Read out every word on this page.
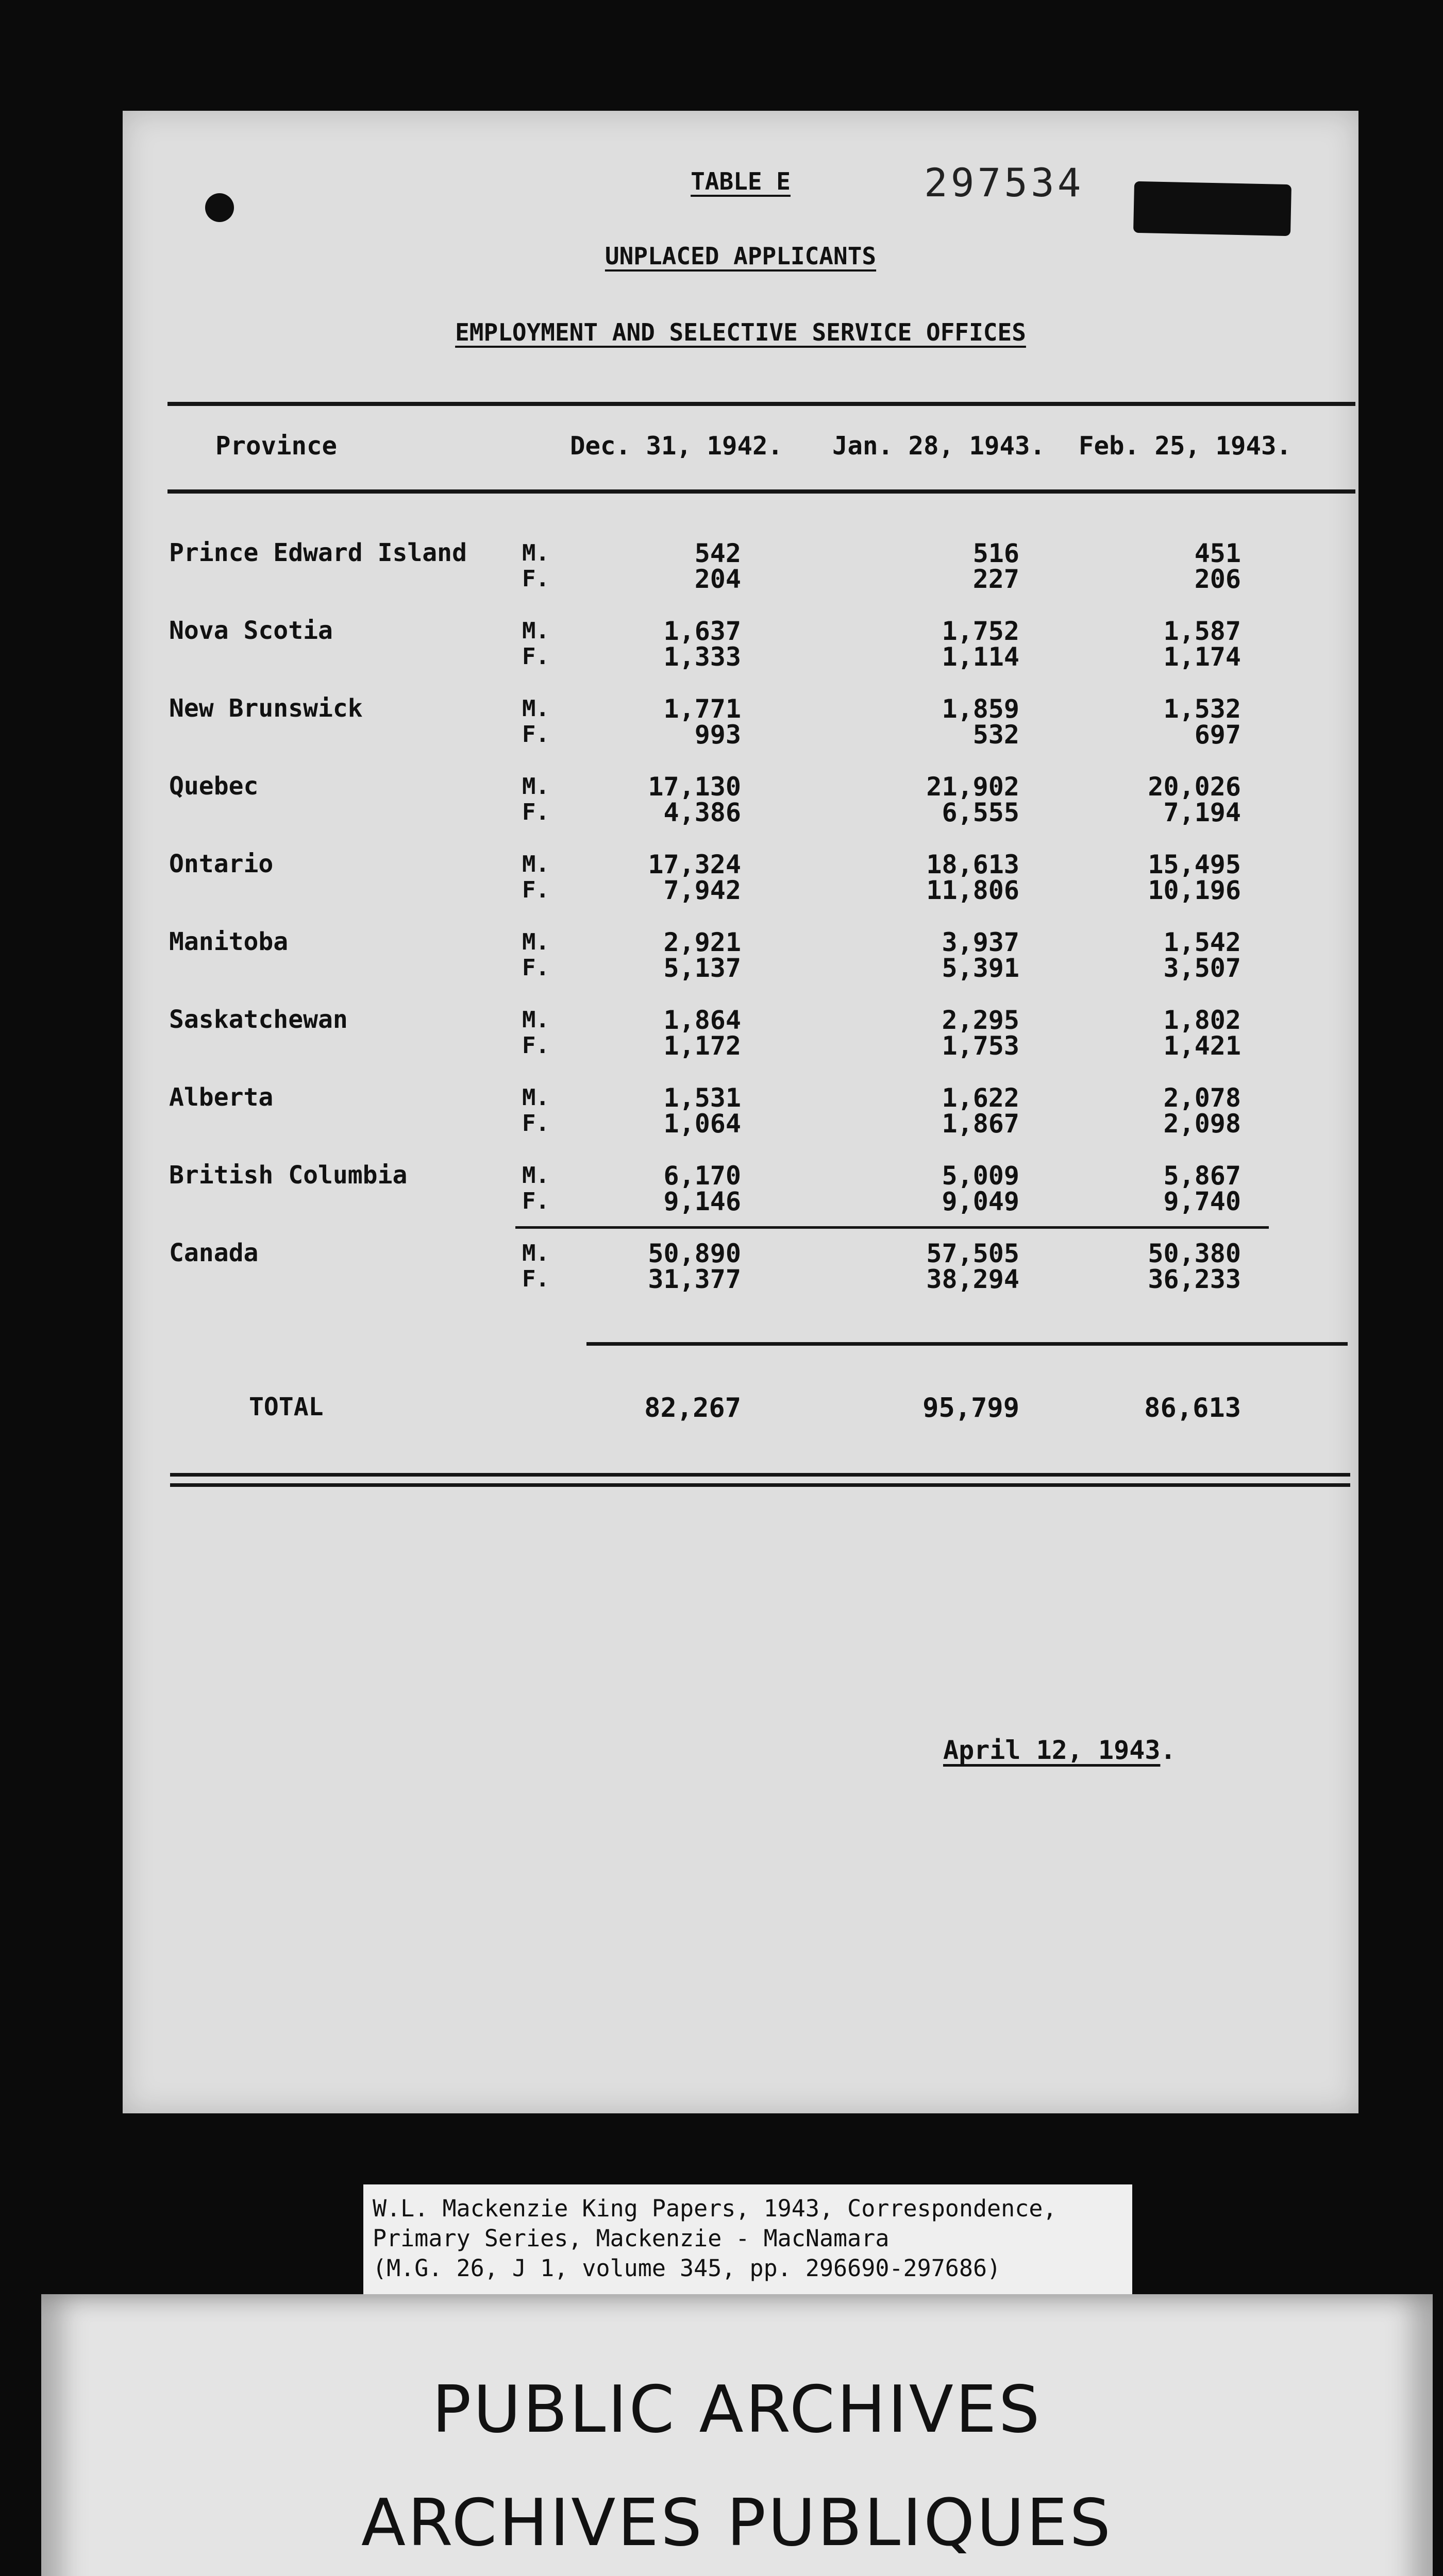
297534
TABLE E
UNPLACED APPLICANTS
EMPLOYMENT AND SELECTIVE SERVICE OFFICES
Province	Dec. 31, 1942. Jan. 28, 1943. Feb. 25, 1943.
Prince Edward Island M.	542	516	451
F.	204	227	206
Nova Scotia	M.	1,637	1,752	1,587
F.	1,333	1,114	1,174
New Brunswick	M.	1,771	1,859	1,532
F.	993	532	697
Quebec	M.	17,130	21,902	20,026
F.	4,386	6,555	7,194
Ontario	M.	17,324	18,613	15,495
F.	7,942	11,806	10,196
Manitoba	M.	2,921	3,937	1,542
F.	5,137	5,391	3,507
Saskatchewan	M.	1,864	2,295	1,802
F.	1,172	1,753	1,421
Alberta	M.	1,531	1,622	2,078
F.	1,064	1,867	2,098
British Columbia	M.	6,170	5,009	5,867
F.	9,146	9,049	9,740
Canada	M.	50,890	57,505	50,380
F.	31,377	38,294	36,233
TOTAL	82,267	95,799	86,613
April 12, 1943.
W.L. Mackenzie King Papers, 1943, Correspondence,
Primary Series, Mackenzie - MacNamara
(M.G. 26, J 1, volume 345, pp. 296690-297686)
PUBLIC ARCHIVES
ARCHIVES PUBLIQUES
